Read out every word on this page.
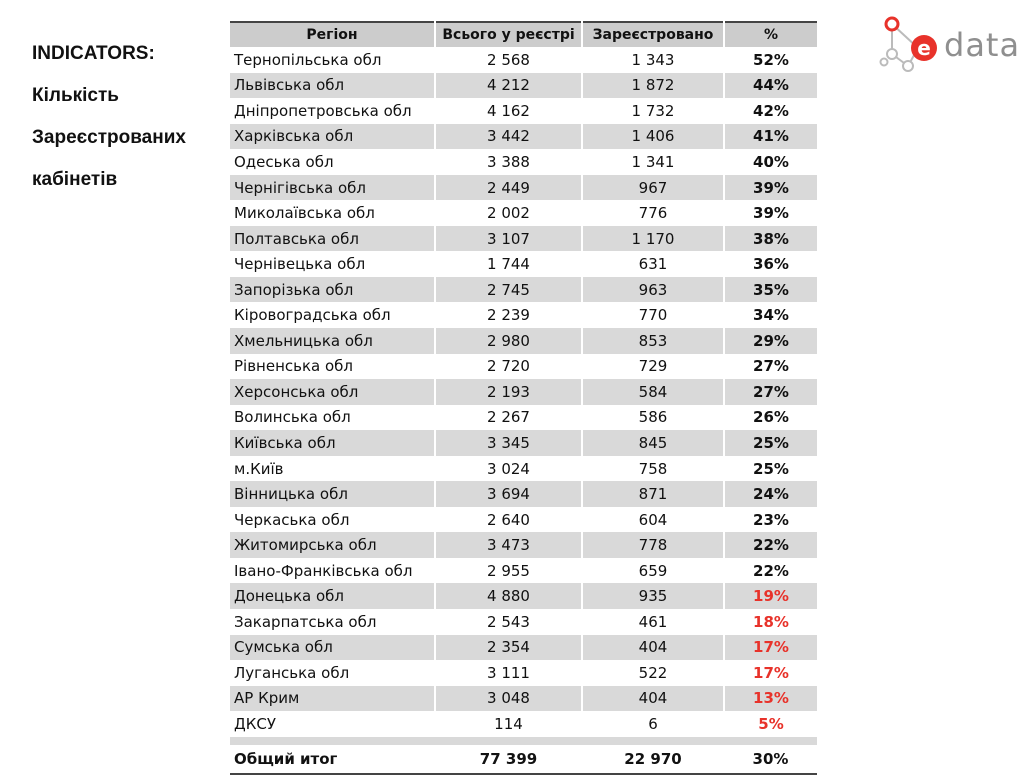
INDICATORS:
Кількість
Зареєстрованих
кабінетів
e data
Регіон	Всього у реєстрі	Зареєстровано	%
Тернопільська обл	2 568	1 343	52%
Львівська обл	4 212	1 872	44%
Дніпропетровська обл	4 162	1 732	42%
Харківська обл	3 442	1 406	41%
Одеська обл	3 388	1 341	40%
Чернігівська обл	2 449	967	39%
Миколаївська обл	2 002	776	39%
Полтавська обл	3 107	1 170	38%
Чернівецька обл	1 744	631	36%
Запорізька обл	2 745	963	35%
Кіровоградська обл	2 239	770	34%
Хмельницька обл	2 980	853	29%
Рівненська обл	2 720	729	27%
Херсонська обл	2 193	584	27%
Волинська обл	2 267	586	26%
Київська обл	3 345	845	25%
м.Київ	3 024	758	25%
Вінницька обл	3 694	871	24%
Черкаська обл	2 640	604	23%
Житомирська обл	3 473	778	22%
Івано-Франківська обл	2 955	659	22%
Донецька обл	4 880	935	19%
Закарпатська обл	2 543	461	18%
Сумська обл	2 354	404	17%
Луганська обл	3 111	522	17%
АР Крим	3 048	404	13%
ДКСУ	114	6	5%

Общий итог	77 399	22 970	30%
